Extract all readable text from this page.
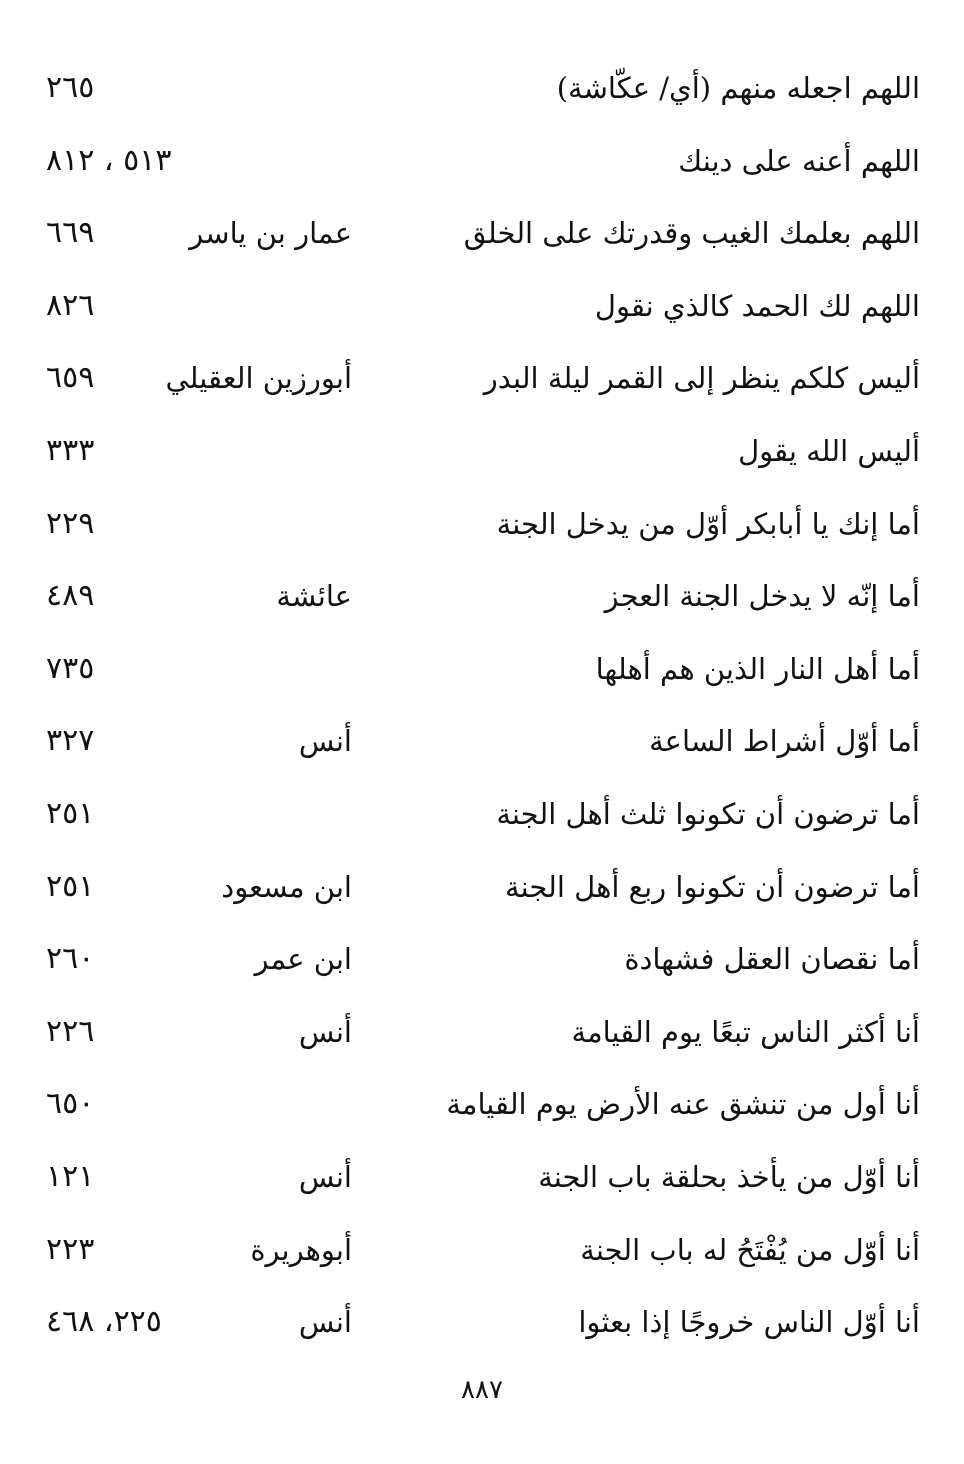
اللهم اجعله منهم (أي/ عكّاشة)
٢٦٥
اللهم أعنه على دينك
٥١٣ ، ٨١٢
اللهم بعلمك الغيب وقدرتك على الخلق
عمار بن ياسر
٦٦٩
اللهم لك الحمد كالذي نقول
٨٢٦
أليس كلكم ينظر إلى القمر ليلة البدر
أبورزين العقيلي
٦٥٩
أليس الله يقول
٣٣٣
أما إنك يا أبابكر أوّل من يدخل الجنة
٢٢٩
أما إنّه لا يدخل الجنة العجز
عائشة
٤٨٩
أما أهل النار الذين هم أهلها
٧٣٥
أما أوّل أشراط الساعة
أنس
٣٢٧
أما ترضون أن تكونوا ثلث أهل الجنة
٢٥١
أما ترضون أن تكونوا ربع أهل الجنة
ابن مسعود
٢٥١
أما نقصان العقل فشهادة
ابن عمر
٢٦٠
أنا أكثر الناس تبعًا يوم القيامة
أنس
٢٢٦
أنا أول من تنشق عنه الأرض يوم القيامة
٦٥٠
أنا أوّل من يأخذ بحلقة باب الجنة
أنس
١٢١
أنا أوّل من يُفْتَحُ له باب الجنة
أبوهريرة
٢٢٣
أنا أوّل الناس خروجًا إذا بعثوا
أنس
٢٢٥، ٤٦٨
٨٨٧
